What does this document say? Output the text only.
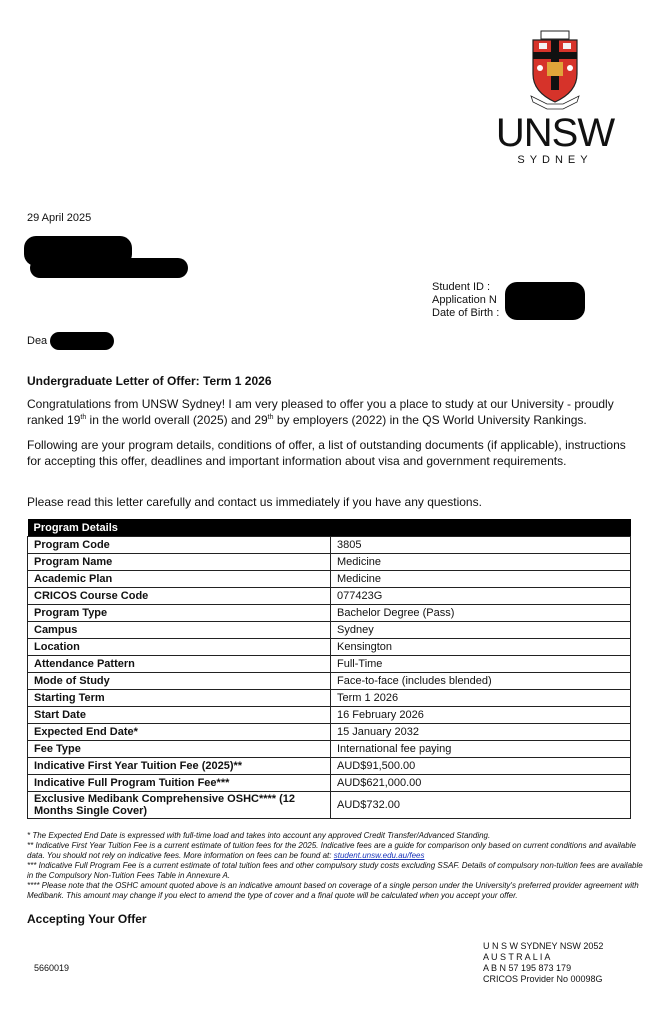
UNSW
SYDNEY
29 April 2025
Student ID :
Application N
Date of Birth :
Dea
Undergraduate Letter of Offer: Term 1 2026
Congratulations from UNSW Sydney! I am very pleased to offer you a place to study at our University - proudly ranked 19th in the world overall (2025) and 29th by employers (2022) in the QS World University Rankings.
Following are your program details, conditions of offer, a list of outstanding documents (if applicable), instructions for accepting this offer, deadlines and important information about visa and government requirements.
Please read this letter carefully and contact us immediately if you have any questions.
Program Details	
Program Code	3805
Program Name	Medicine
Academic Plan	Medicine
CRICOS Course Code	077423G
Program Type	Bachelor Degree (Pass)
Campus	Sydney
Location	Kensington
Attendance Pattern	Full-Time
Mode of Study	Face-to-face (includes blended)
Starting Term	Term 1 2026
Start Date	16 February 2026
Expected End Date*	15 January 2032
Fee Type	International fee paying
Indicative First Year Tuition Fee (2025)**	AUD$91,500.00
Indicative Full Program Tuition Fee***	AUD$621,000.00
Exclusive Medibank Comprehensive OSHC**** (12 Months Single Cover)	AUD$732.00

* The Expected End Date is expressed with full-time load and takes into account any approved Credit Transfer/Advanced Standing.

** Indicative First Year Tuition Fee is a current estimate of tuition fees for the 2025. Indicative fees are a guide for comparison only based on current conditions and available data. You should not rely on indicative fees. More information on fees can be found at: student.unsw.edu.au/fees

*** Indicative Full Program Fee is a current estimate of total tuition fees and other compulsory study costs excluding SSAF. Details of compulsory non-tuition fees are available in the Compulsory Non-Tuition Fees Table in Annexure A.

**** Please note that the OSHC amount quoted above is an indicative amount based on coverage of a single person under the University's preferred provider agreement with Medibank. This amount may change if you elect to amend the type of cover and a final quote will be calculated when you accept your offer.

Accepting Your Offer
5660019
U N S W SYDNEY NSW 2052
A U S T R A L I A
A B N 57 195 873 179
CRICOS Provider No 00098G
